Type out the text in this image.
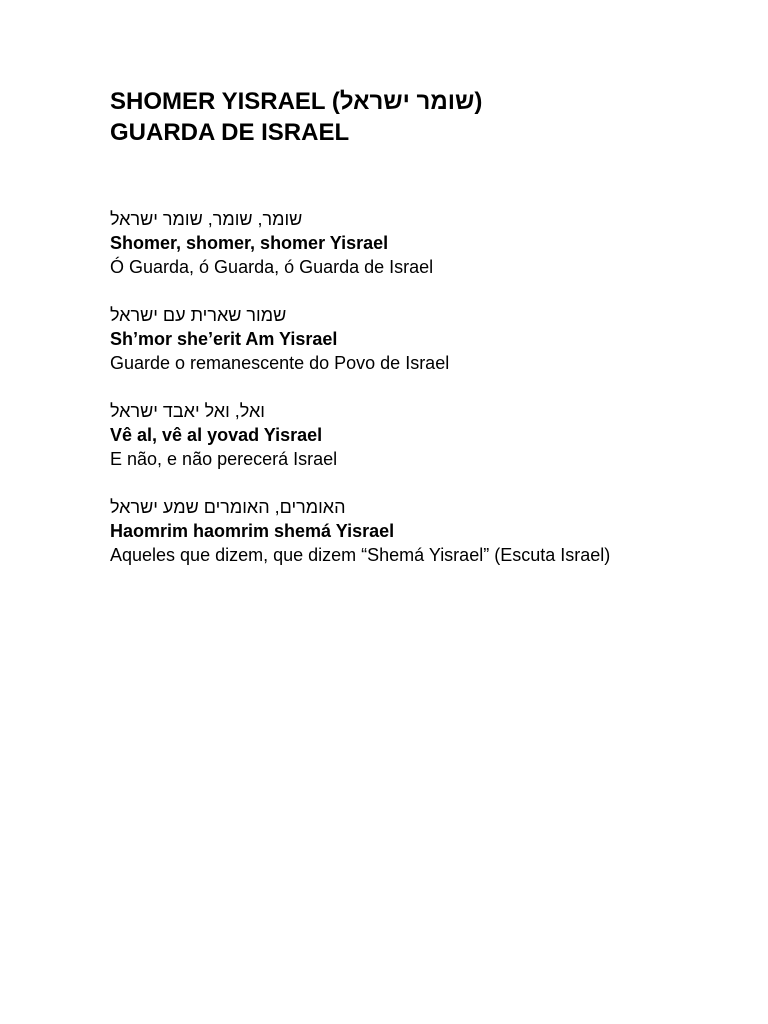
SHOMER YISRAEL (שומר ישראל)
GUARDA DE ISRAEL
שומר, שומר, שומר ישראל
Shomer, shomer, shomer Yisrael
Ó Guarda, ó Guarda, ó Guarda de Israel
שמור שארית עם ישראל
Sh’mor she’erit Am Yisrael
Guarde o remanescente do Povo de Israel
ואל, ואל יאבד ישראל
Vê al, vê al yovad Yisrael
E não, e não perecerá Israel
האומרים, האומרים שמע ישראל
Haomrim haomrim shemá Yisrael
Aqueles que dizem, que dizem “Shemá Yisrael” (Escuta Israel)
